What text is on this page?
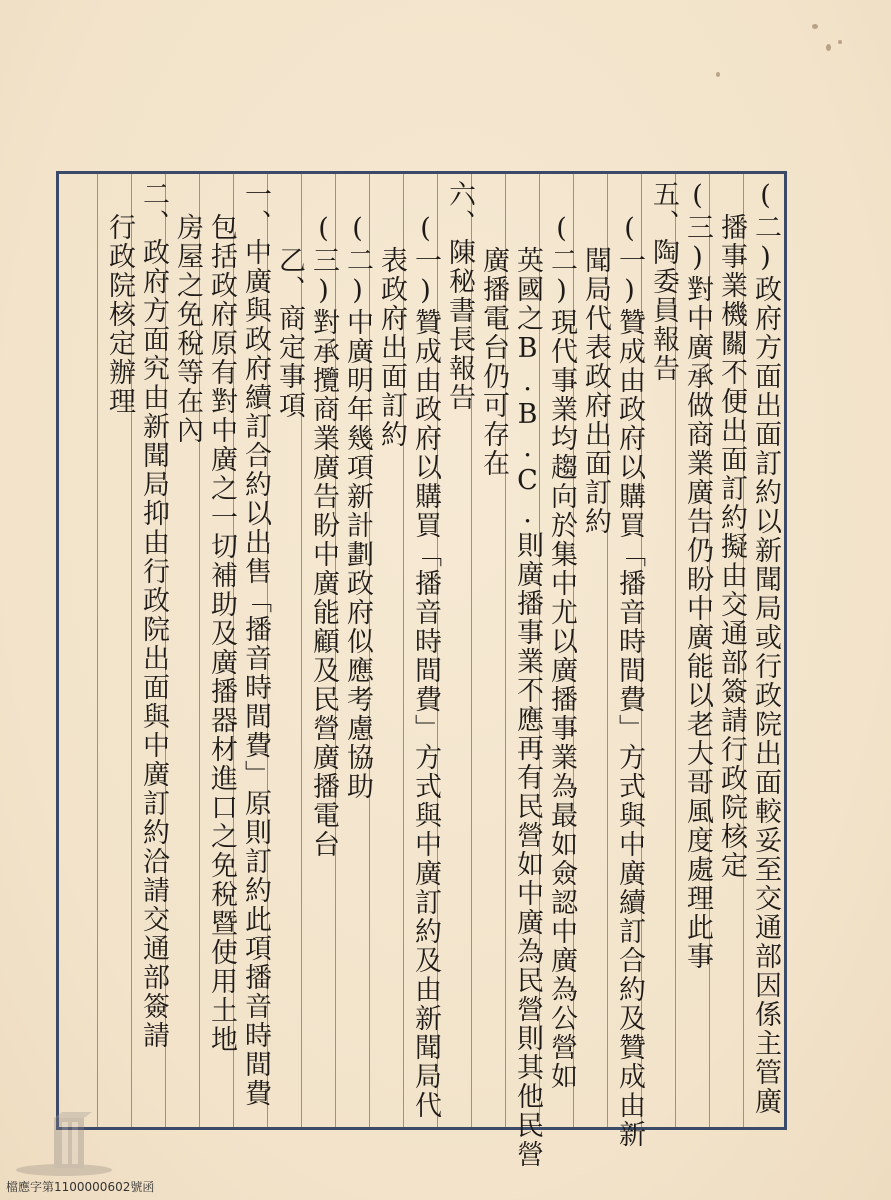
(二)政府方面出面訂約以新聞局或行政院出面較妥至交通部因係主管廣
播事業機關不便出面訂約擬由交通部簽請行政院核定
(三)對中廣承做商業廣告仍盼中廣能以老大哥風度處理此事
五、陶委員報告
(一)贊成由政府以購買「播音時間費」方式與中廣續訂合約及贊成由新
聞局代表政府出面訂約
(二)現代事業均趨向於集中尤以廣播事業為最如僉認中廣為公營如
英國之B.B.C.則廣播事業不應再有民營如中廣為民營則其他民營
廣播電台仍可存在
六、陳秘書長報告
(一)贊成由政府以購買「播音時間費」方式與中廣訂約及由新聞局代
表政府出面訂約
(二)中廣明年幾項新計劃政府似應考慮協助
(三)對承攬商業廣告盼中廣能顧及民營廣播電台
乙、商定事項
一、中廣與政府續訂合約以出售「播音時間費」原則訂約此項播音時間費
包括政府原有對中廣之一切補助及廣播器材進口之免稅暨使用土地
房屋之免稅等在內
二、政府方面究由新聞局抑由行政院出面與中廣訂約洽請交通部簽請
行政院核定辦理
檔應字第1100000602號函
